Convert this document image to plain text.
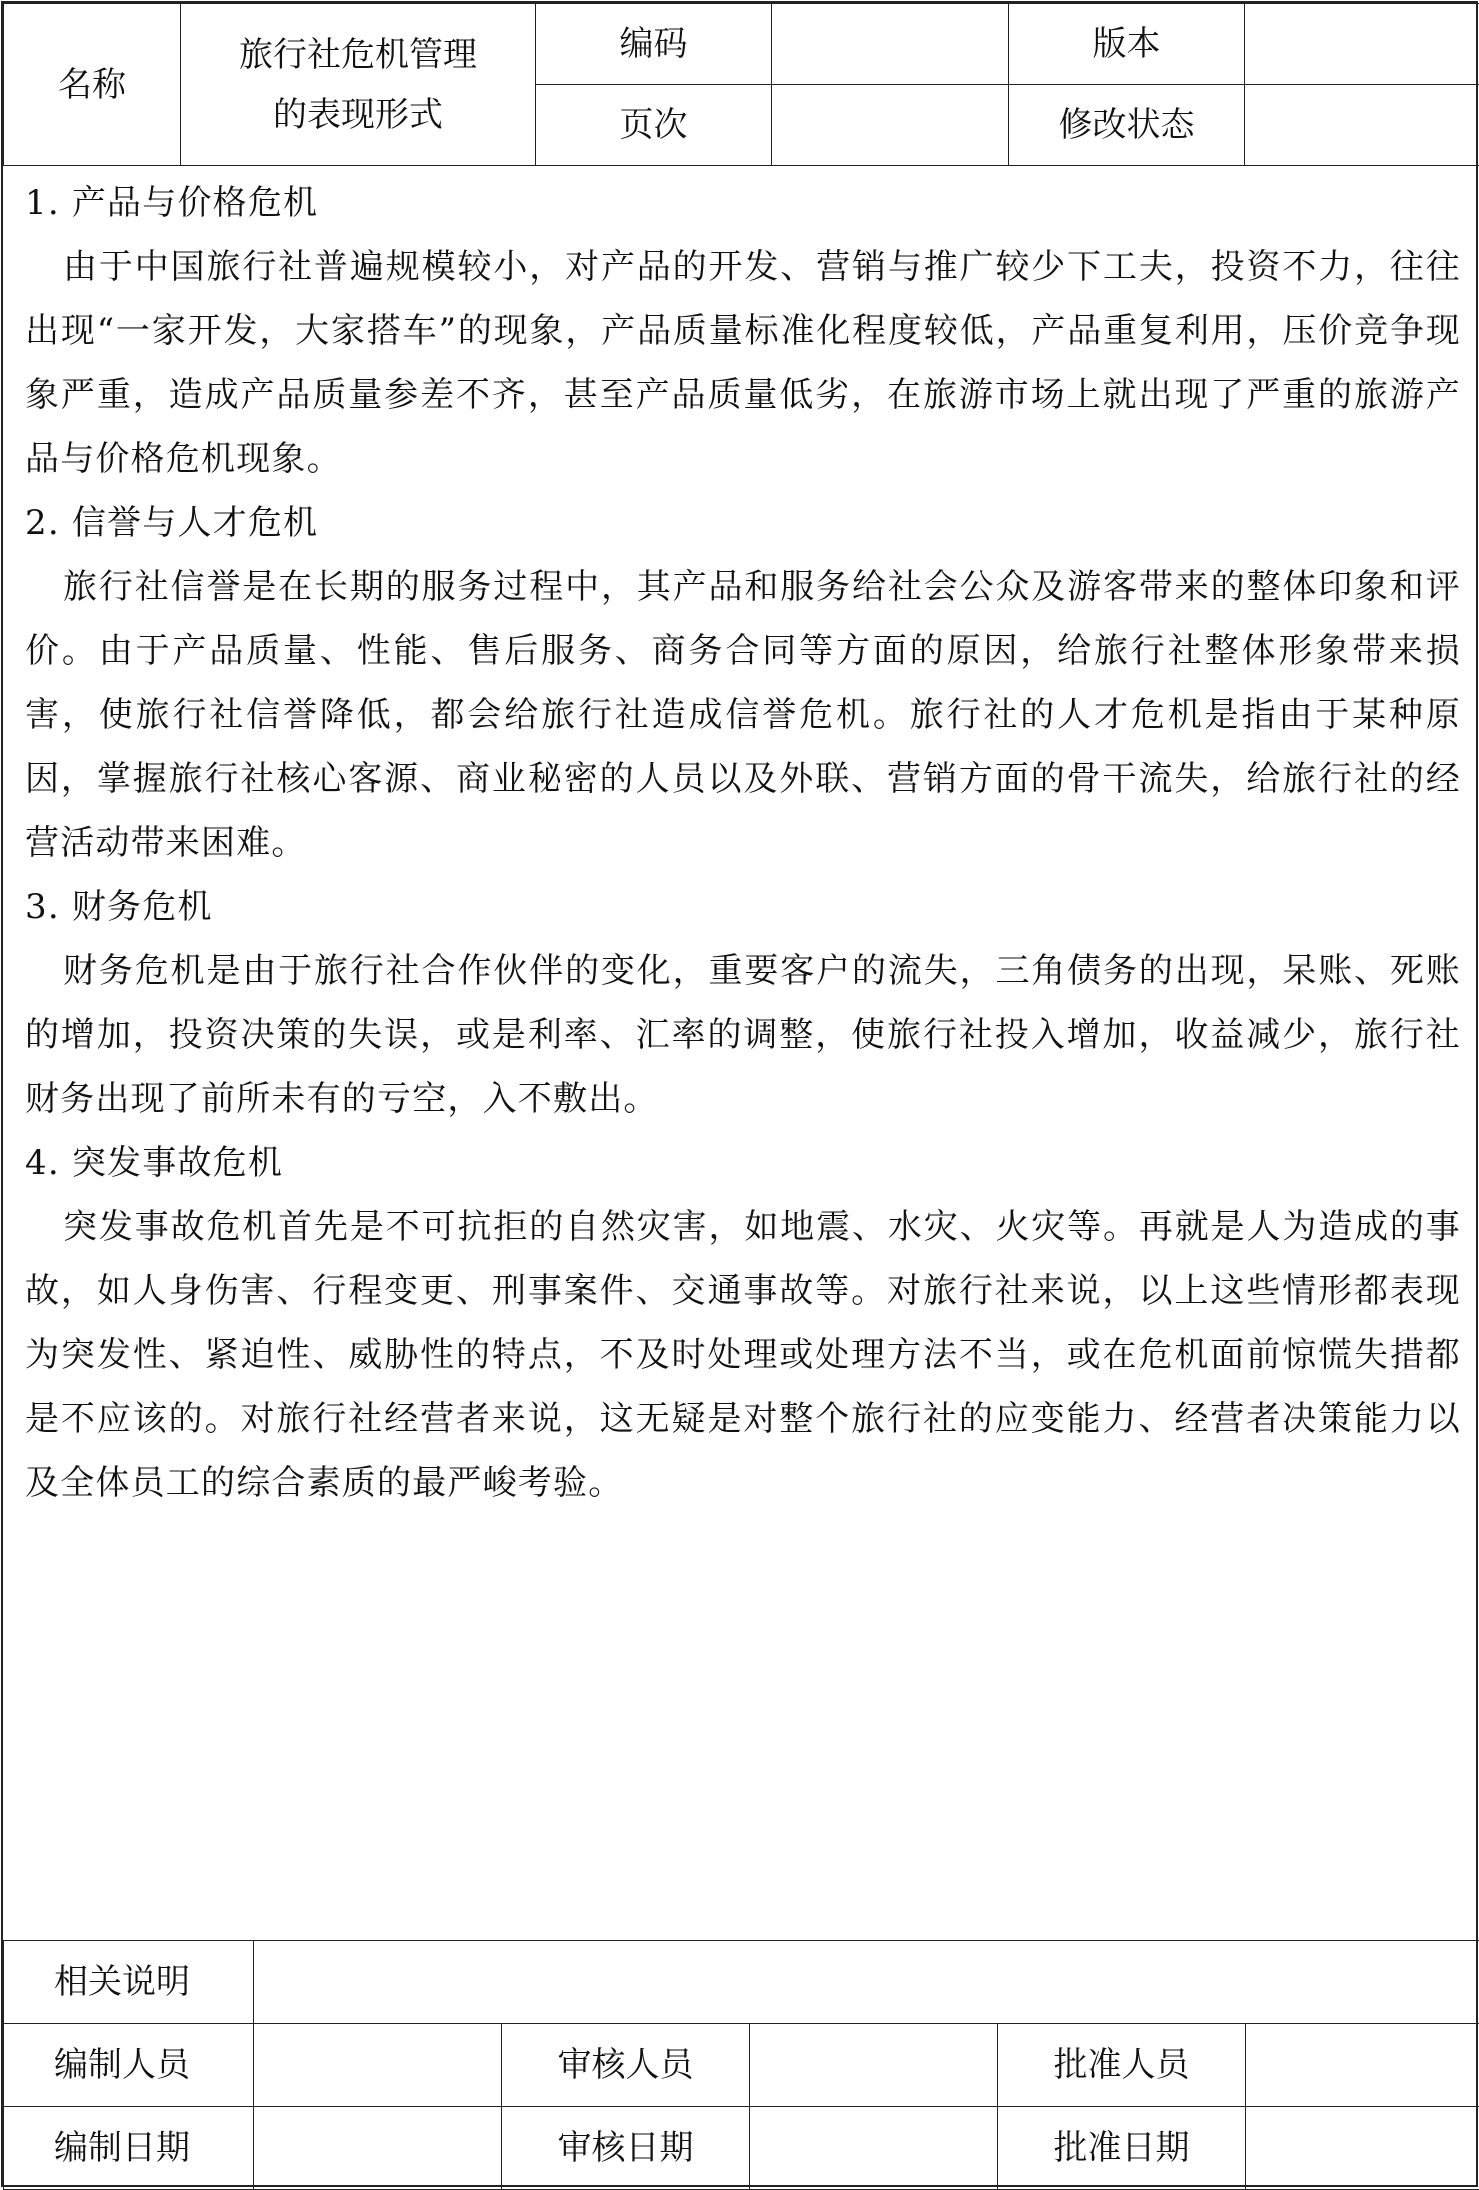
名称	旅行社危机管理的表现形式	编码		版本	
		页次		修改状态	

1. 产品与价格危机

由于中国旅行社普遍规模较小，对产品的开发、营销与推广较少下工夫，投资不力，往往出现“一家开发，大家搭车”的现象，产品质量标准化程度较低，产品重复利用，压价竞争现象严重，造成产品质量参差不齐，甚至产品质量低劣，在旅游市场上就出现了严重的旅游产品与价格危机现象。

2. 信誉与人才危机

旅行社信誉是在长期的服务过程中，其产品和服务给社会公众及游客带来的整体印象和评价。由于产品质量、性能、售后服务、商务合同等方面的原因，给旅行社整体形象带来损害，使旅行社信誉降低，都会给旅行社造成信誉危机。旅行社的人才危机是指由于某种原因，掌握旅行社核心客源、商业秘密的人员以及外联、营销方面的骨干流失，给旅行社的经营活动带来困难。

3. 财务危机

财务危机是由于旅行社合作伙伴的变化，重要客户的流失，三角债务的出现，呆账、死账的增加，投资决策的失误，或是利率、汇率的调整，使旅行社投入增加，收益减少，旅行社财务出现了前所未有的亏空，入不敷出。

4. 突发事故危机

突发事故危机首先是不可抗拒的自然灾害，如地震、水灾、火灾等。再就是人为造成的事故，如人身伤害、行程变更、刑事案件、交通事故等。对旅行社来说，以上这些情形都表现为突发性、紧迫性、威胁性的特点，不及时处理或处理方法不当，或在危机面前惊慌失措都是不应该的。对旅行社经营者来说，这无疑是对整个旅行社的应变能力、经营者决策能力以及全体员工的综合素质的最严峻考验。

相关说明					
编制人员		审核人员		批准人员	
编制日期		审核日期		批准日期	
